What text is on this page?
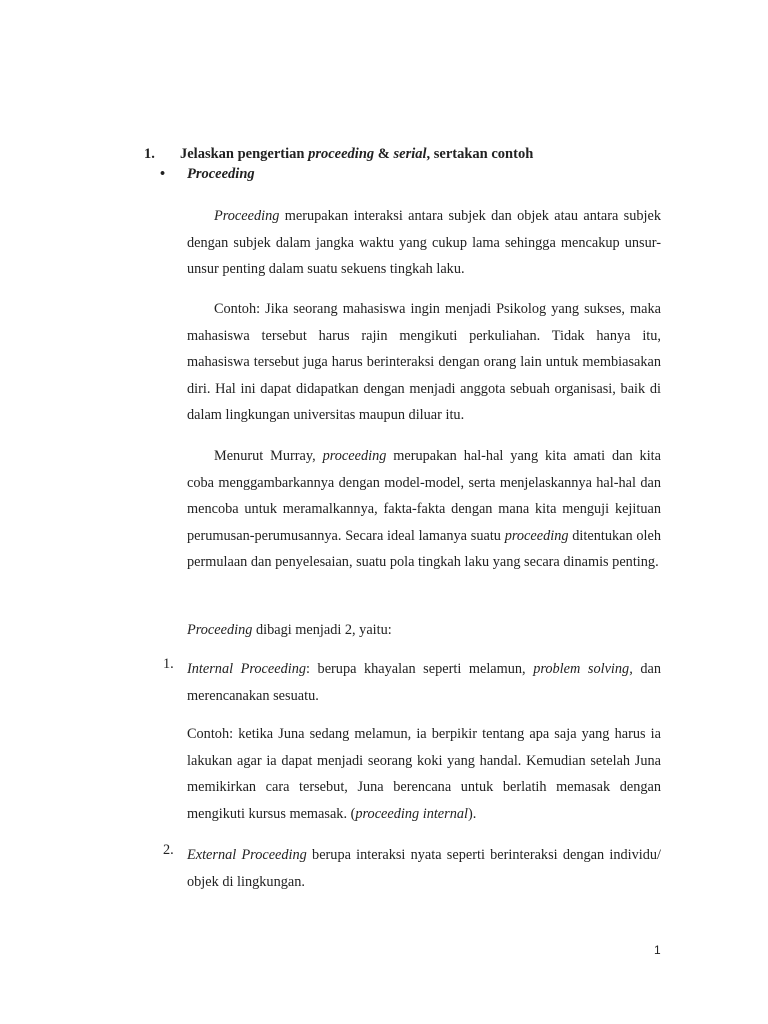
1. Jelaskan pengertian proceeding & serial, sertakan contoh
• Proceeding

Proceeding merupakan interaksi antara subjek dan objek atau antara subjek dengan subjek dalam jangka waktu yang cukup lama sehingga mencakup unsur-unsur penting dalam suatu sekuens tingkah laku.

Contoh: Jika seorang mahasiswa ingin menjadi Psikolog yang sukses, maka mahasiswa tersebut harus rajin mengikuti perkuliahan. Tidak hanya itu, mahasiswa tersebut juga harus berinteraksi dengan orang lain untuk membiasakan diri. Hal ini dapat didapatkan dengan menjadi anggota sebuah organisasi, baik di dalam lingkungan universitas maupun diluar itu.

Menurut Murray, proceeding merupakan hal-hal yang kita amati dan kita coba menggambarkannya dengan model-model, serta menjelaskannya hal-hal dan mencoba untuk meramalkannya, fakta-fakta dengan mana kita menguji kejituan perumusan-perumusannya. Secara ideal lamanya suatu proceeding ditentukan oleh permulaan dan penyelesaian, suatu pola tingkah laku yang secara dinamis penting.

Proceeding dibagi menjadi 2, yaitu:

1. Internal Proceeding: berupa khayalan seperti melamun, problem solving, dan merencanakan sesuatu.

Contoh: ketika Juna sedang melamun, ia berpikir tentang apa saja yang harus ia lakukan agar ia dapat menjadi seorang koki yang handal. Kemudian setelah Juna memikirkan cara tersebut, Juna berencana untuk berlatih memasak dengan mengikuti kursus memasak. (proceeding internal).

2. External Proceeding berupa interaksi nyata seperti berinteraksi dengan individu/ objek di lingkungan.

1
